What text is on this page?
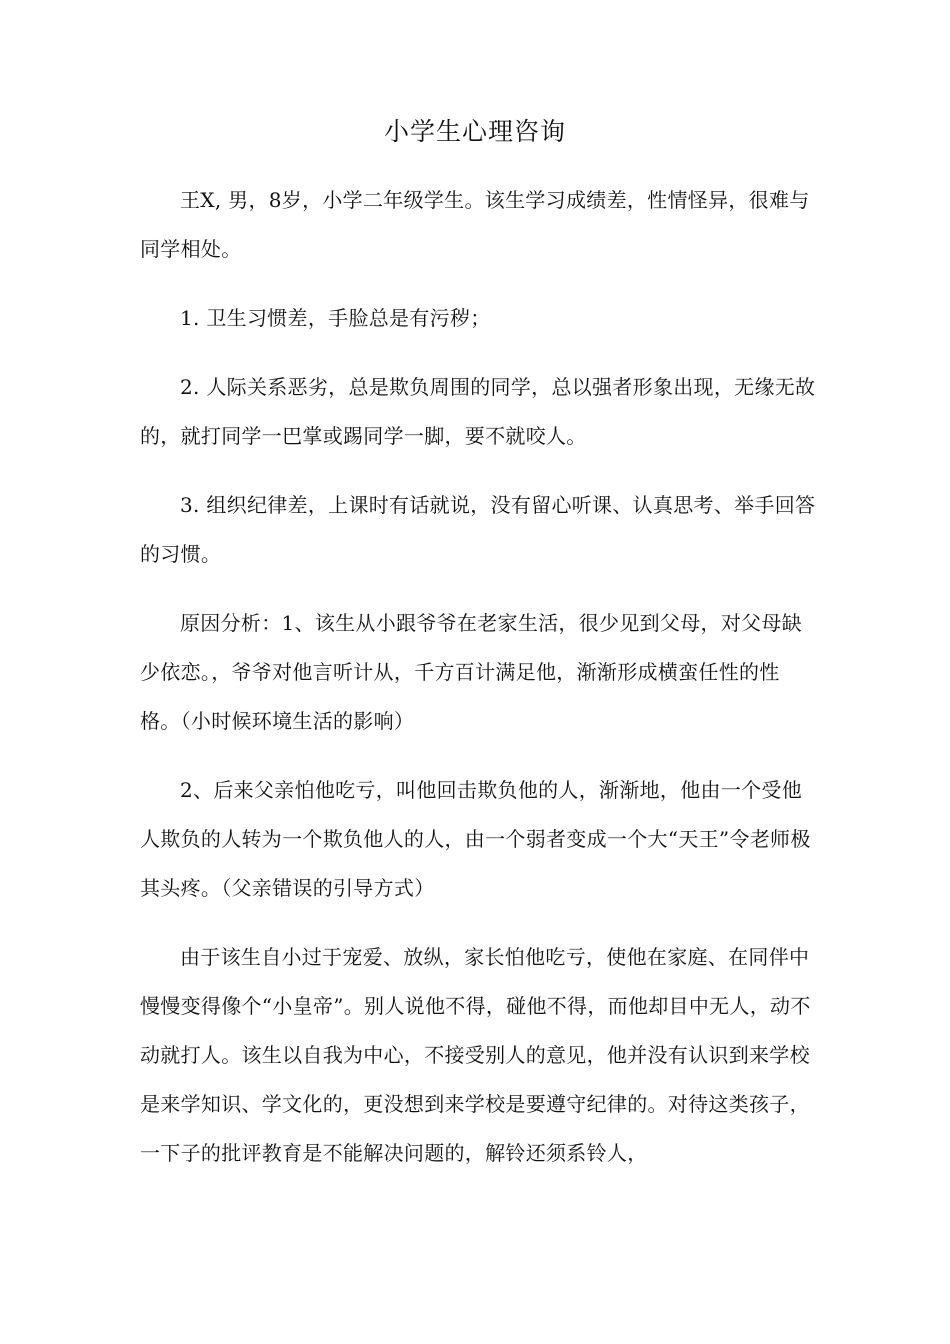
小学生心理咨询

王X, 男，8岁，小学二年级学生。该生学习成绩差，性情怪异，很难与同学相处。

1. 卫生习惯差，手脸总是有污秽；

2. 人际关系恶劣，总是欺负周围的同学，总以强者形象出现，无缘无故的，就打同学一巴掌或踢同学一脚，要不就咬人。

3. 组织纪律差，上课时有话就说，没有留心听课、认真思考、举手回答的习惯。

原因分析：1、该生从小跟爷爷在老家生活，很少见到父母，对父母缺少依恋。，爷爷对他言听计从，千方百计满足他，渐渐形成横蛮任性的性格。（小时候环境生活的影响）

2、后来父亲怕他吃亏，叫他回击欺负他的人，渐渐地，他由一个受他人欺负的人转为一个欺负他人的人，由一个弱者变成一个大“天王”令老师极其头疼。（父亲错误的引导方式）

由于该生自小过于宠爱、放纵，家长怕他吃亏，使他在家庭、在同伴中慢慢变得像个“小皇帝”。别人说他不得，碰他不得，而他却目中无人，动不动就打人。该生以自我为中心，不接受别人的意见，他并没有认识到来学校是来学知识、学文化的，更没想到来学校是要遵守纪律的。对待这类孩子，一下子的批评教育是不能解决问题的，解铃还须系铃人，
